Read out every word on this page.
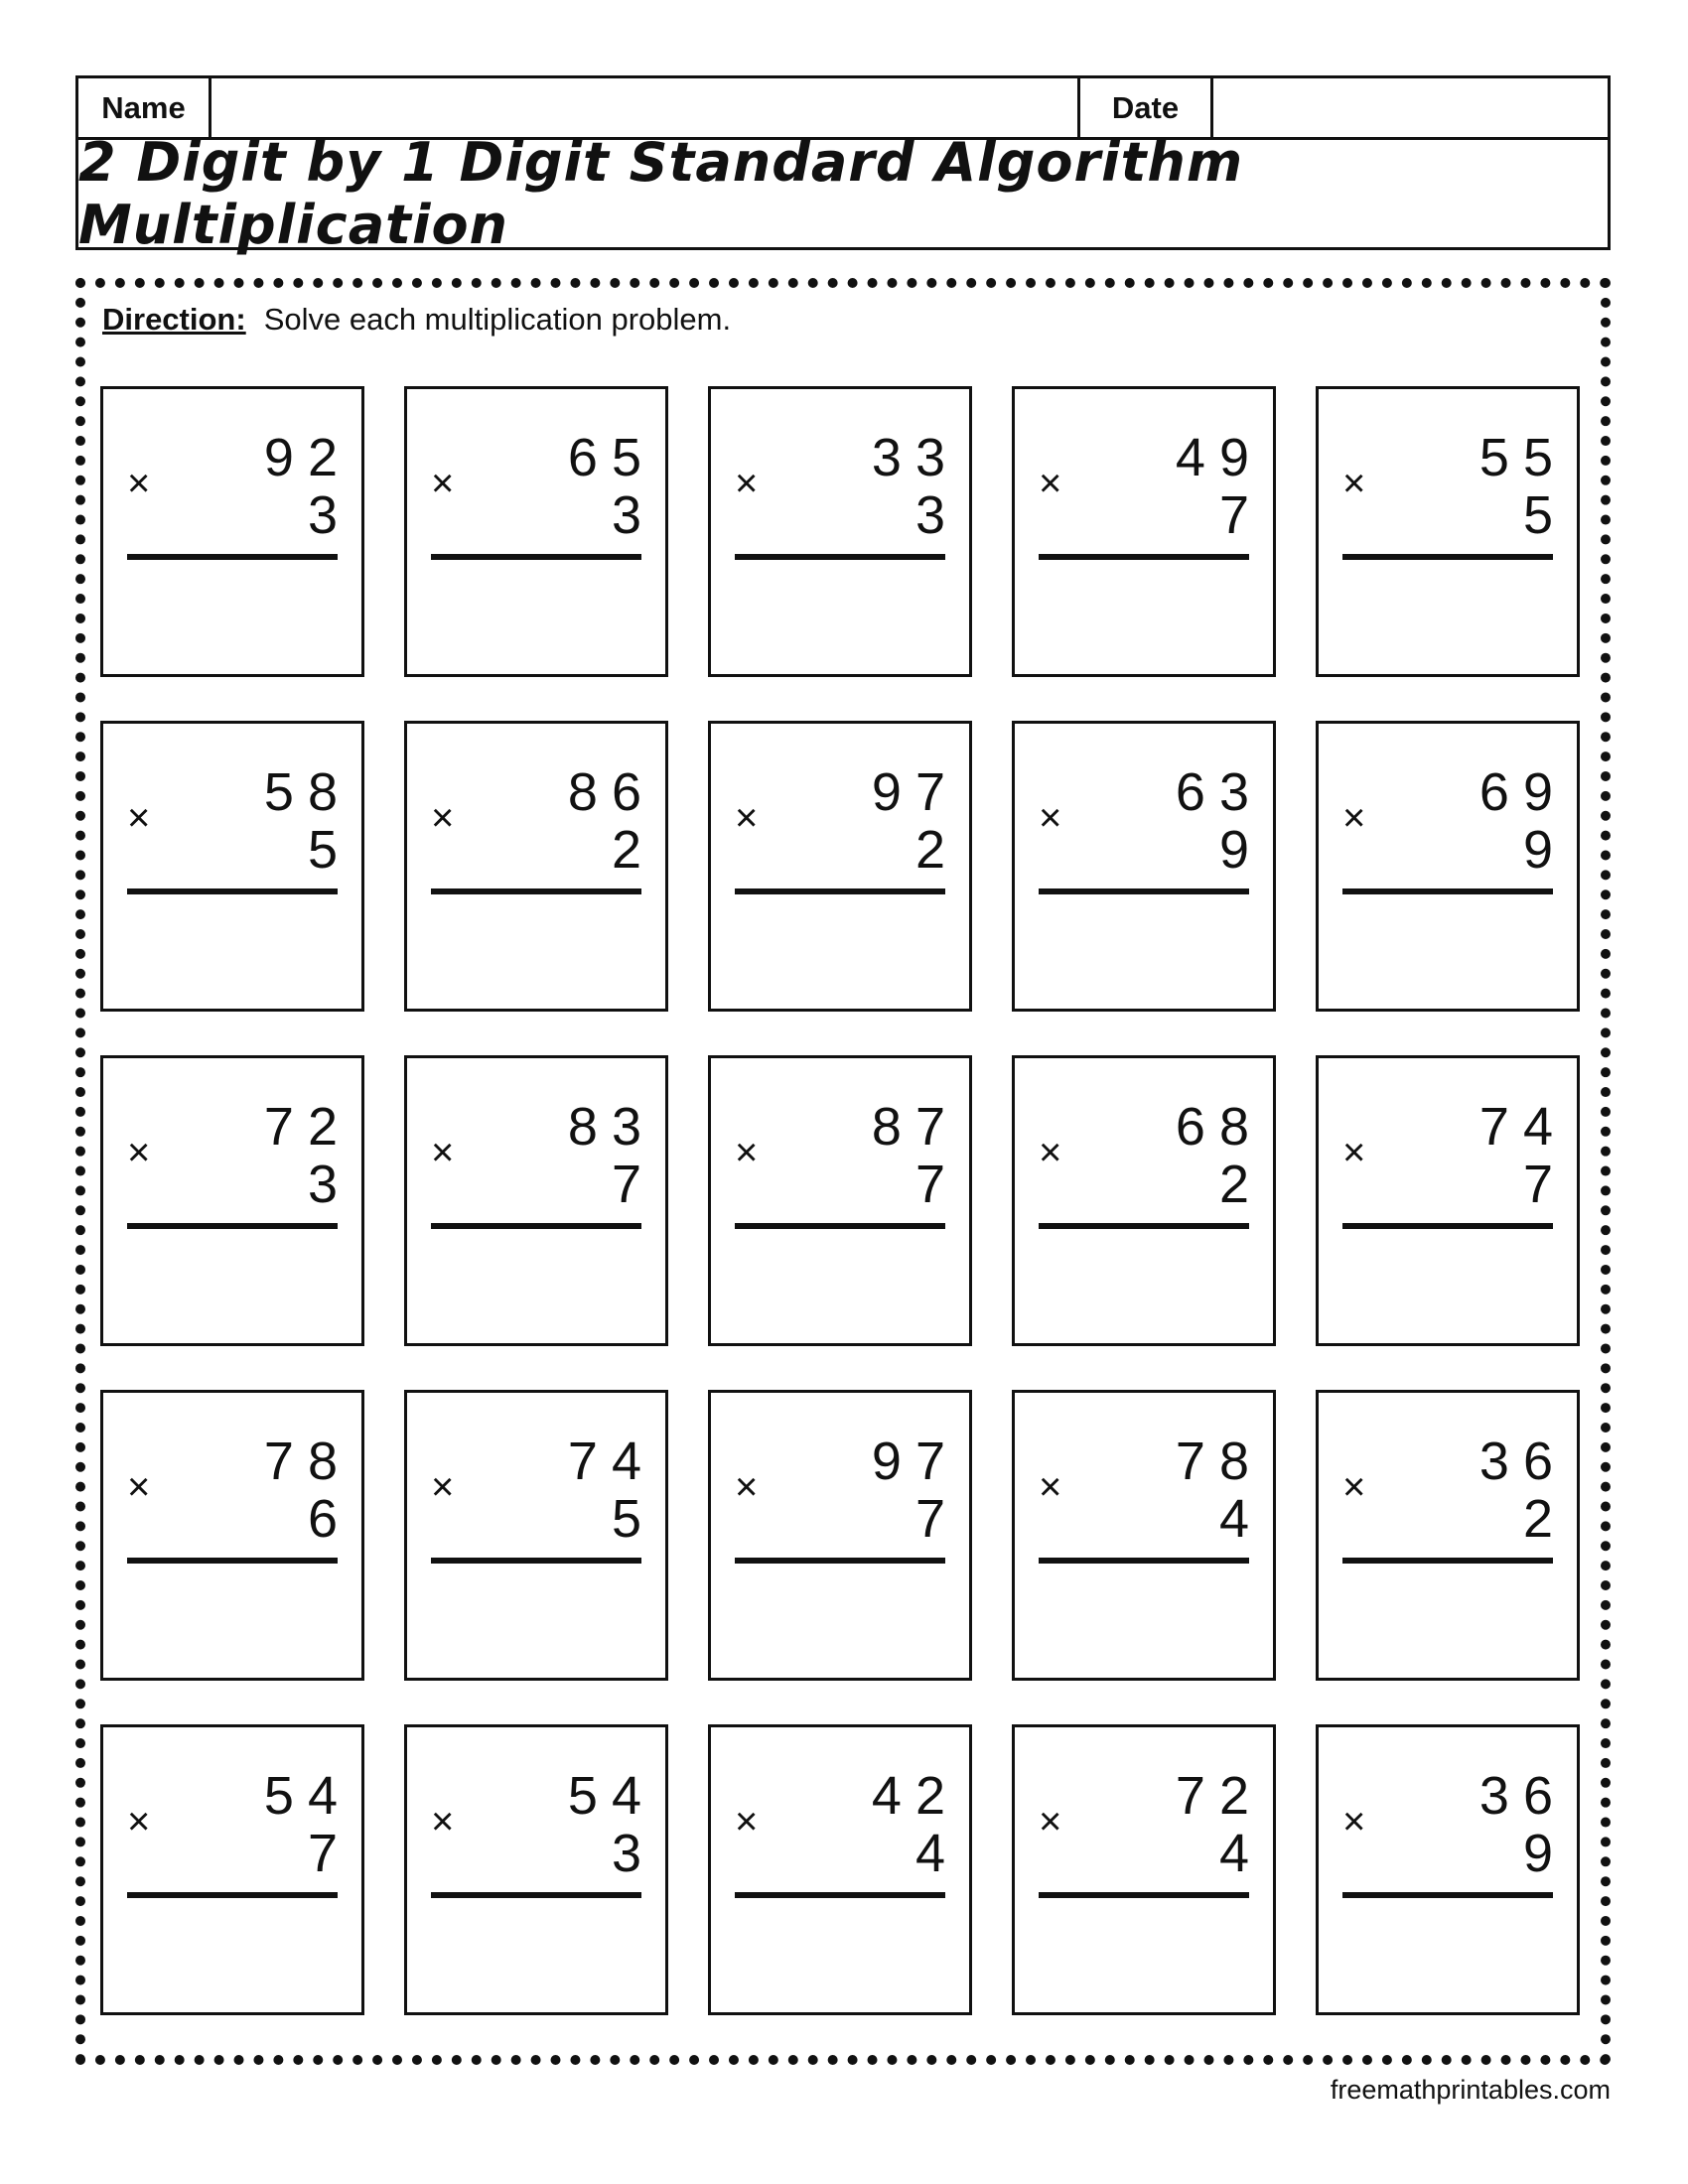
Name	Date
2 Digit by 1 Digit Standard Algorithm Multiplication
Direction: Solve each multiplication problem.
× 92
3
× 65
3
× 33
3
× 49
7
× 55
5
× 58
5
× 86
2
× 97
2
× 63
9
× 69
9
× 72
3
× 83
7
× 87
7
× 68
2
× 74
7
× 78
6
× 74
5
× 97
7
× 78
4
× 36
2
× 54
7
× 54
3
× 42
4
× 72
4
× 36
9
freemathprintables.com
